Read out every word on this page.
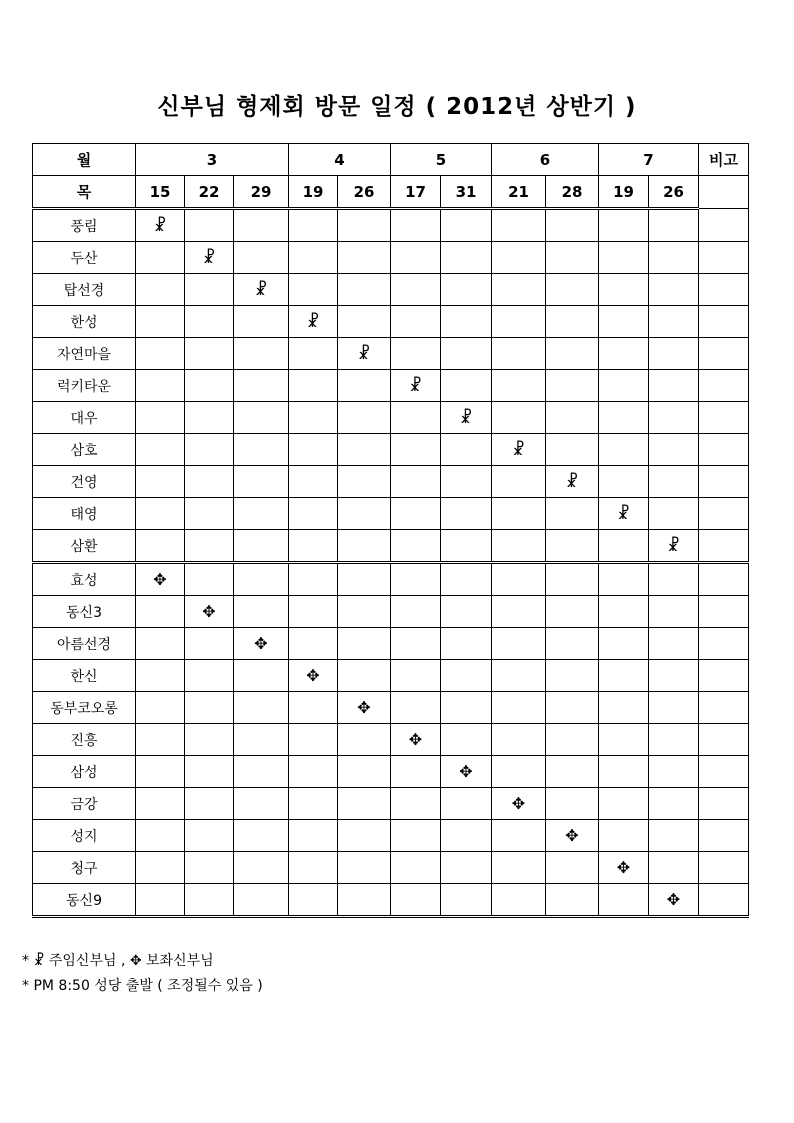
신부님 형제회 방문 일정 ( 2012년 상반기 )
월	3			4		5		6		7		비고
목	15	22	29	19	26	17	31	21	28	19	26	
풍림	☧											
두산		☧										
탑선경			☧									
한성				☧								
자연마을					☧							
럭키타운						☧						
대우							☧					
삼호								☧				
건영									☧			
태영										☧		
삼환											☧	
효성	✥											
동신3		✥										
아름선경			✥									
한신				✥								
동부코오롱					✥							
진흥						✥						
삼성							✥					
금강								✥				
성지									✥			
청구										✥		
동신9											✥	
* ☧ 주임신부님 , ✥ 보좌신부님
* PM 8:50 성당 출발 ( 조정될수 있음 )
